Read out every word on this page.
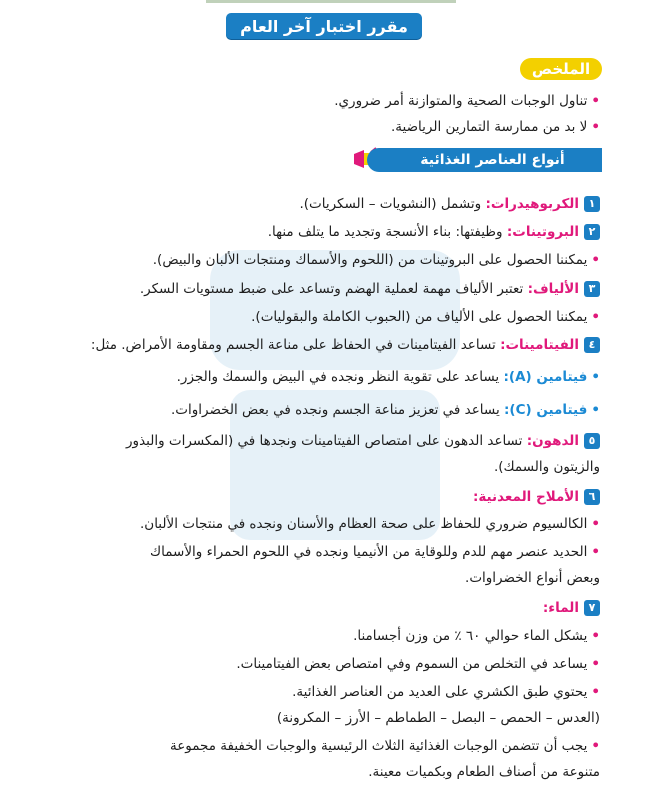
مقرر اختبار آخر العام
الملخص
•تناول الوجبات الصحية والمتوازنة أمر ضروري.
•لا بد من ممارسة التمارين الرياضية.
أنواع العناصر الغذائية
١الكربوهيدرات: وتشمل (النشويات – السكريات).
٢البروتينات: وظيفتها: بناء الأنسجة وتجديد ما يتلف منها.
•يمكننا الحصول على البروتينات من (اللحوم والأسماك ومنتجات الألبان والبيض).
٣الألياف: تعتبر الألياف مهمة لعملية الهضم وتساعد على ضبط مستويات السكر.
•يمكننا الحصول على الألياف من (الحبوب الكاملة والبقوليات).
٤الفيتامينات: تساعد الفيتامينات في الحفاظ على مناعة الجسم ومقاومة الأمراض. مثل:
•فيتامين (A): يساعد على تقوية النظر ونجده في البيض والسمك والجزر.
•فيتامين (C): يساعد في تعزيز مناعة الجسم ونجده في بعض الخضراوات.
٥الدهون: تساعد الدهون على امتصاص الفيتامينات ونجدها في (المكسرات والبذور
والزيتون والسمك).
٦الأملاح المعدنية:
•الكالسيوم ضروري للحفاظ على صحة العظام والأسنان ونجده في منتجات الألبان.
•الحديد عنصر مهم للدم وللوقاية من الأنيميا ونجده في اللحوم الحمراء والأسماك
وبعض أنواع الخضراوات.
٧الماء:
•يشكل الماء حوالي ٦٠ ٪ من وزن أجسامنا.
•يساعد في التخلص من السموم وفي امتصاص بعض الفيتامينات.
•يحتوي طبق الكشري على العديد من العناصر الغذائية.
(العدس – الحمص – البصل – الطماطم – الأرز – المكرونة)
•يجب أن تتضمن الوجبات الغذائية الثلاث الرئيسية والوجبات الخفيفة مجموعة
متنوعة من أصناف الطعام وبكميات معينة.
